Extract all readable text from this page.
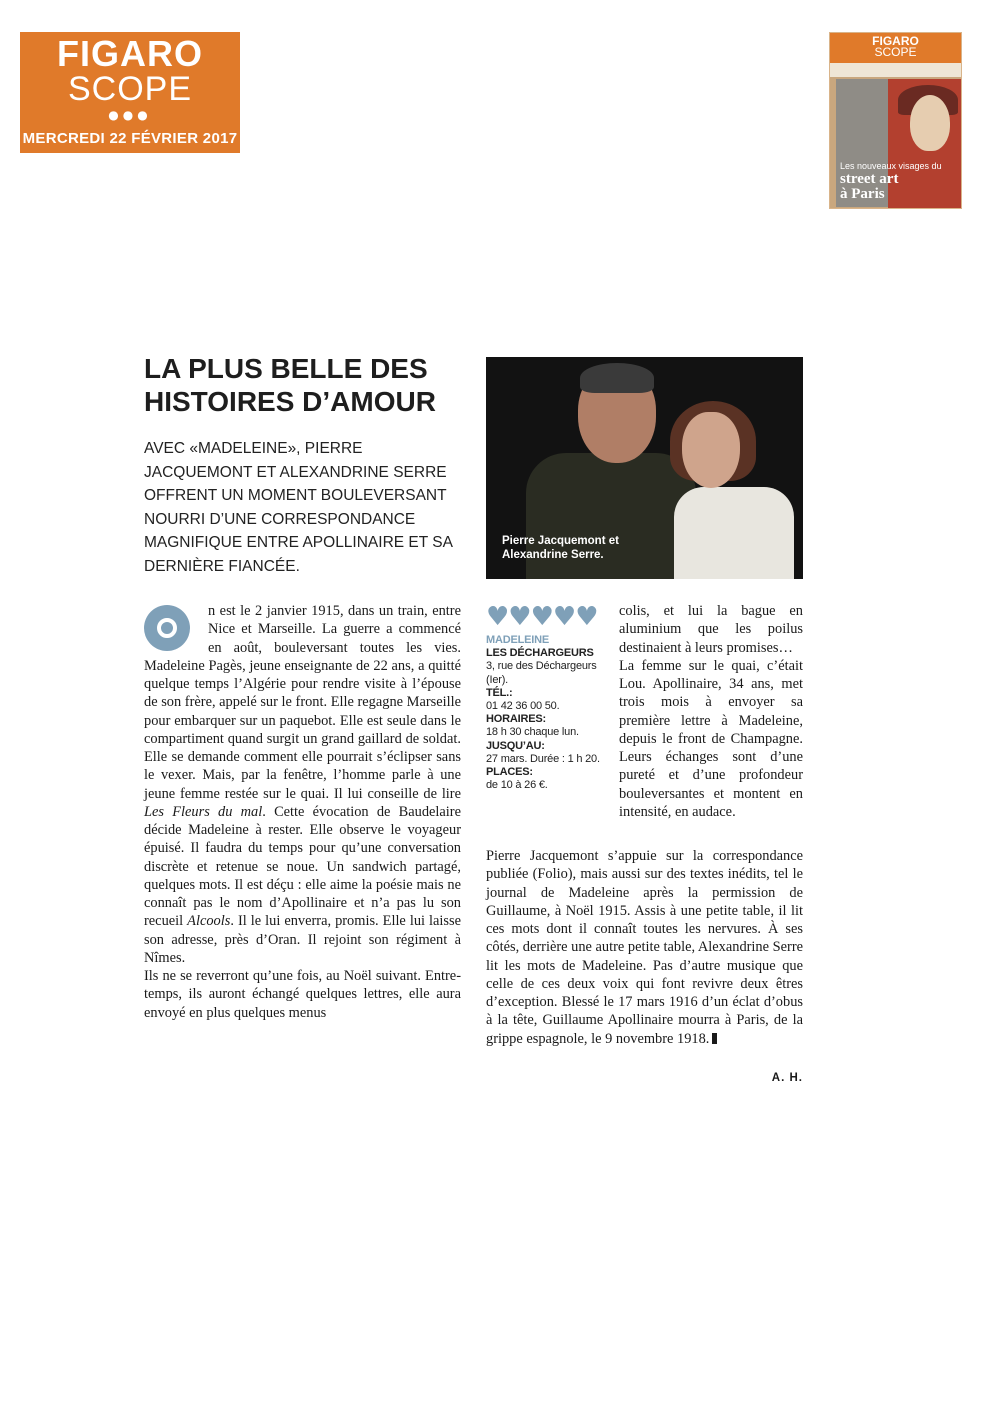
FIGARO
SCOPE
●●●
MERCREDI 22 FÉVRIER 2017
FIGARO
SCOPE
Les nouveaux visages du
street art
à Paris
LA PLUS BELLE DES
HISTOIRES D’AMOUR

AVEC «MADELEINE», PIERRE JACQUEMONT ET ALEXANDRINE SERRE OFFRENT UN MOMENT BOULEVERSANT NOURRI D’UNE CORRESPONDANCE MAGNIFIQUE ENTRE APOLLINAIRE ET SA DERNIÈRE FIANCÉE.

Pierre Jacquemont et Alexandrine Serre.

n est le 2 janvier 1915, dans un train, entre Nice et Marseille. La guerre a commencé en août, bouleversant toutes les vies. Madeleine Pagès, jeune enseignante de 22 ans, a quitté quelque temps l’Algérie pour rendre visite à l’épouse de son frère, appelé sur le front. Elle regagne Marseille pour embarquer sur un paquebot. Elle est seule dans le compartiment quand surgit un grand gaillard de soldat. Elle se demande comment elle pourrait s’éclipser sans le vexer. Mais, par la fenêtre, l’homme parle à une jeune femme restée sur le quai. Il lui conseille de lire Les Fleurs du mal. Cette évocation de Baudelaire décide Madeleine à rester. Elle observe le voyageur épuisé. Il faudra du temps pour qu’une conversation discrète et retenue se noue. Un sandwich partagé, quelques mots. Il est déçu : elle aime la poésie mais ne connaît pas le nom d’Apollinaire et n’a pas lu son recueil Alcools. Il le lui enverra, promis. Elle lui laisse son adresse, près d’Oran. Il rejoint son régiment à Nîmes.

Ils ne se reverront qu’une fois, au Noël suivant. Entre-temps, ils auront échangé quelques lettres, elle aura envoyé en plus quelques menus

♥♥♥♥♥
MADELEINE
LES DÉCHARGEURS
3, rue des Déchargeurs (Ier).
TÉL.:
01 42 36 00 50.
HORAIRES:
18 h 30 chaque lun.
JUSQU’AU:
27 mars. Durée : 1 h 20.
PLACES:
de 10 à 26 €.

colis, et lui la bague en aluminium que les poilus destinaient à leurs promises…

La femme sur le quai, c’était Lou. Apollinaire, 34 ans, met trois mois à envoyer sa première lettre à Madeleine, depuis le front de Champagne. Leurs échanges sont d’une pureté et d’une profondeur bouleversantes et montent en intensité, en audace.

Pierre Jacquemont s’appuie sur la correspondance publiée (Folio), mais aussi sur des textes inédits, tel le journal de Madeleine après la permission de Guillaume, à Noël 1915. Assis à une petite table, il lit ces mots dont il connaît toutes les nervures. À ses côtés, derrière une autre petite table, Alexandrine Serre lit les mots de Madeleine. Pas d’autre musique que celle de ces deux voix qui font revivre deux êtres d’exception. Blessé le 17 mars 1916 d’un éclat d’obus à la tête, Guillaume Apollinaire mourra à Paris, de la grippe espagnole, le 9 novembre 1918.

A. H.
